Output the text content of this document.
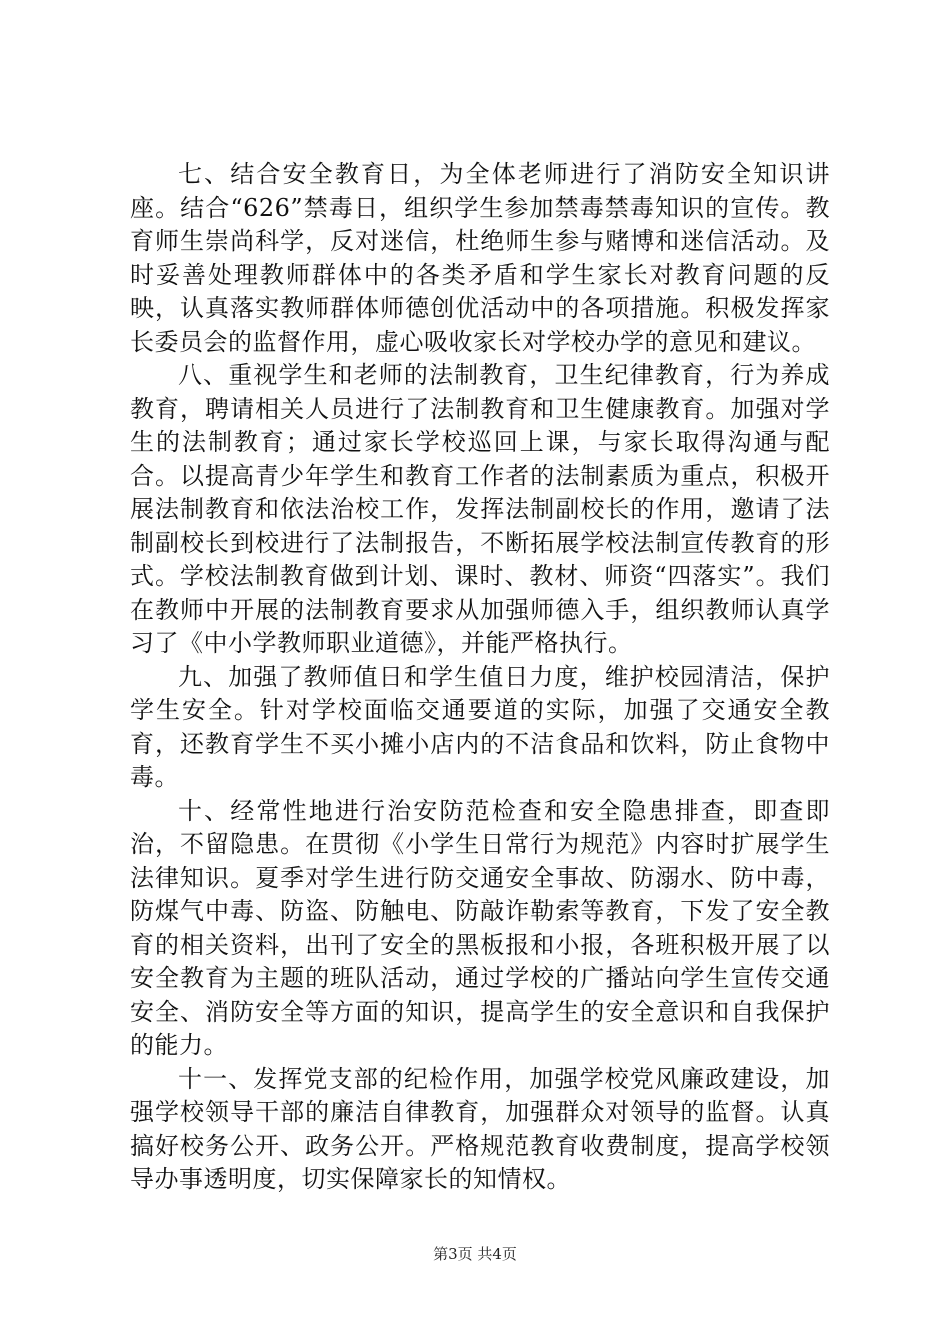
七、结合安全教育日，为全体老师进行了消防安全知识讲座。结合“626”禁毒日，组织学生参加禁毒禁毒知识的宣传。教育师生崇尚科学，反对迷信，杜绝师生参与赌博和迷信活动。及时妥善处理教师群体中的各类矛盾和学生家长对教育问题的反映，认真落实教师群体师德创优活动中的各项措施。积极发挥家长委员会的监督作用，虚心吸收家长对学校办学的意见和建议。

八、重视学生和老师的法制教育，卫生纪律教育，行为养成教育，聘请相关人员进行了法制教育和卫生健康教育。加强对学生的法制教育；通过家长学校巡回上课，与家长取得沟通与配合。以提高青少年学生和教育工作者的法制素质为重点，积极开展法制教育和依法治校工作，发挥法制副校长的作用，邀请了法制副校长到校进行了法制报告，不断拓展学校法制宣传教育的形式。学校法制教育做到计划、课时、教材、师资“四落实”。我们在教师中开展的法制教育要求从加强师德入手，组织教师认真学习了《中小学教师职业道德》，并能严格执行。

九、加强了教师值日和学生值日力度，维护校园清洁，保护学生安全。针对学校面临交通要道的实际，加强了交通安全教育，还教育学生不买小摊小店内的不洁食品和饮料，防止食物中毒。

十、经常性地进行治安防范检查和安全隐患排查，即查即治，不留隐患。在贯彻《小学生日常行为规范》内容时扩展学生法律知识。夏季对学生进行防交通安全事故、防溺水、防中毒，防煤气中毒、防盗、防触电、防敲诈勒索等教育，下发了安全教育的相关资料，出刊了安全的黑板报和小报，各班积极开展了以安全教育为主题的班队活动，通过学校的广播站向学生宣传交通安全、消防安全等方面的知识，提高学生的安全意识和自我保护的能力。

十一、发挥党支部的纪检作用，加强学校党风廉政建设，加强学校领导干部的廉洁自律教育，加强群众对领导的监督。认真搞好校务公开、政务公开。严格规范教育收费制度，提高学校领导办事透明度，切实保障家长的知情权。

第3页 共4页
